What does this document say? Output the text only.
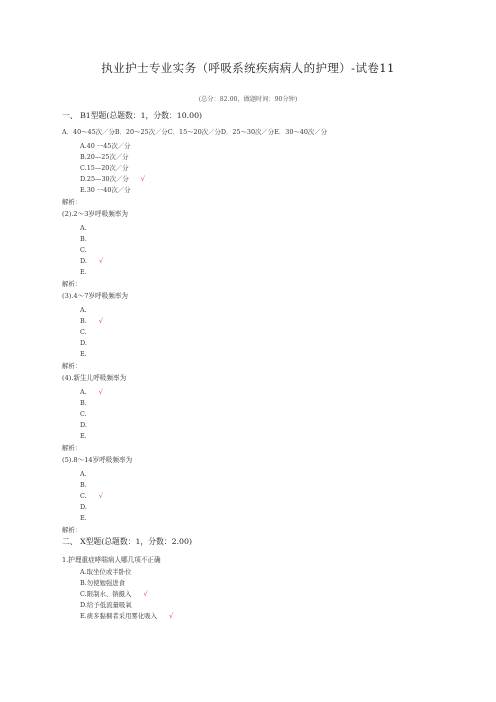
执业护士专业实务（呼吸系统疾病病人的护理）-试卷11
(总分：82.00，做题时间：90分钟)
一、 B1型题(总题数：1，分数：10.00)
A．40～45次／分B．20～25次／分C．15～20次／分D．25～30次／分E．30～40次／分
A.40 一45次／分
B.20—25次／分
C.15—20次／分
D.25—30次／分 √
E.30 一40次／分
解析：
(2).2～3岁呼吸频率为
A.
B.
C.
D. √
E.
解析：
(3).4～7岁呼吸频率为
A.
B. √
C.
D.
E.
解析：
(4).新生儿呼吸频率为
A. √
B.
C.
D.
E.
解析：
(5).8～14岁呼吸频率为
A.
B.
C. √
D.
E.
解析：
二、 X型题(总题数：1，分数：2.00)
1.护理重症哮喘病人哪几项不正确
A.取坐位或半卧位
B.勿使勉强进食
C.限制水、钠摄入 √
D.给予低流量吸氧
E.痰多黏稠者采用雾化吸入 √
